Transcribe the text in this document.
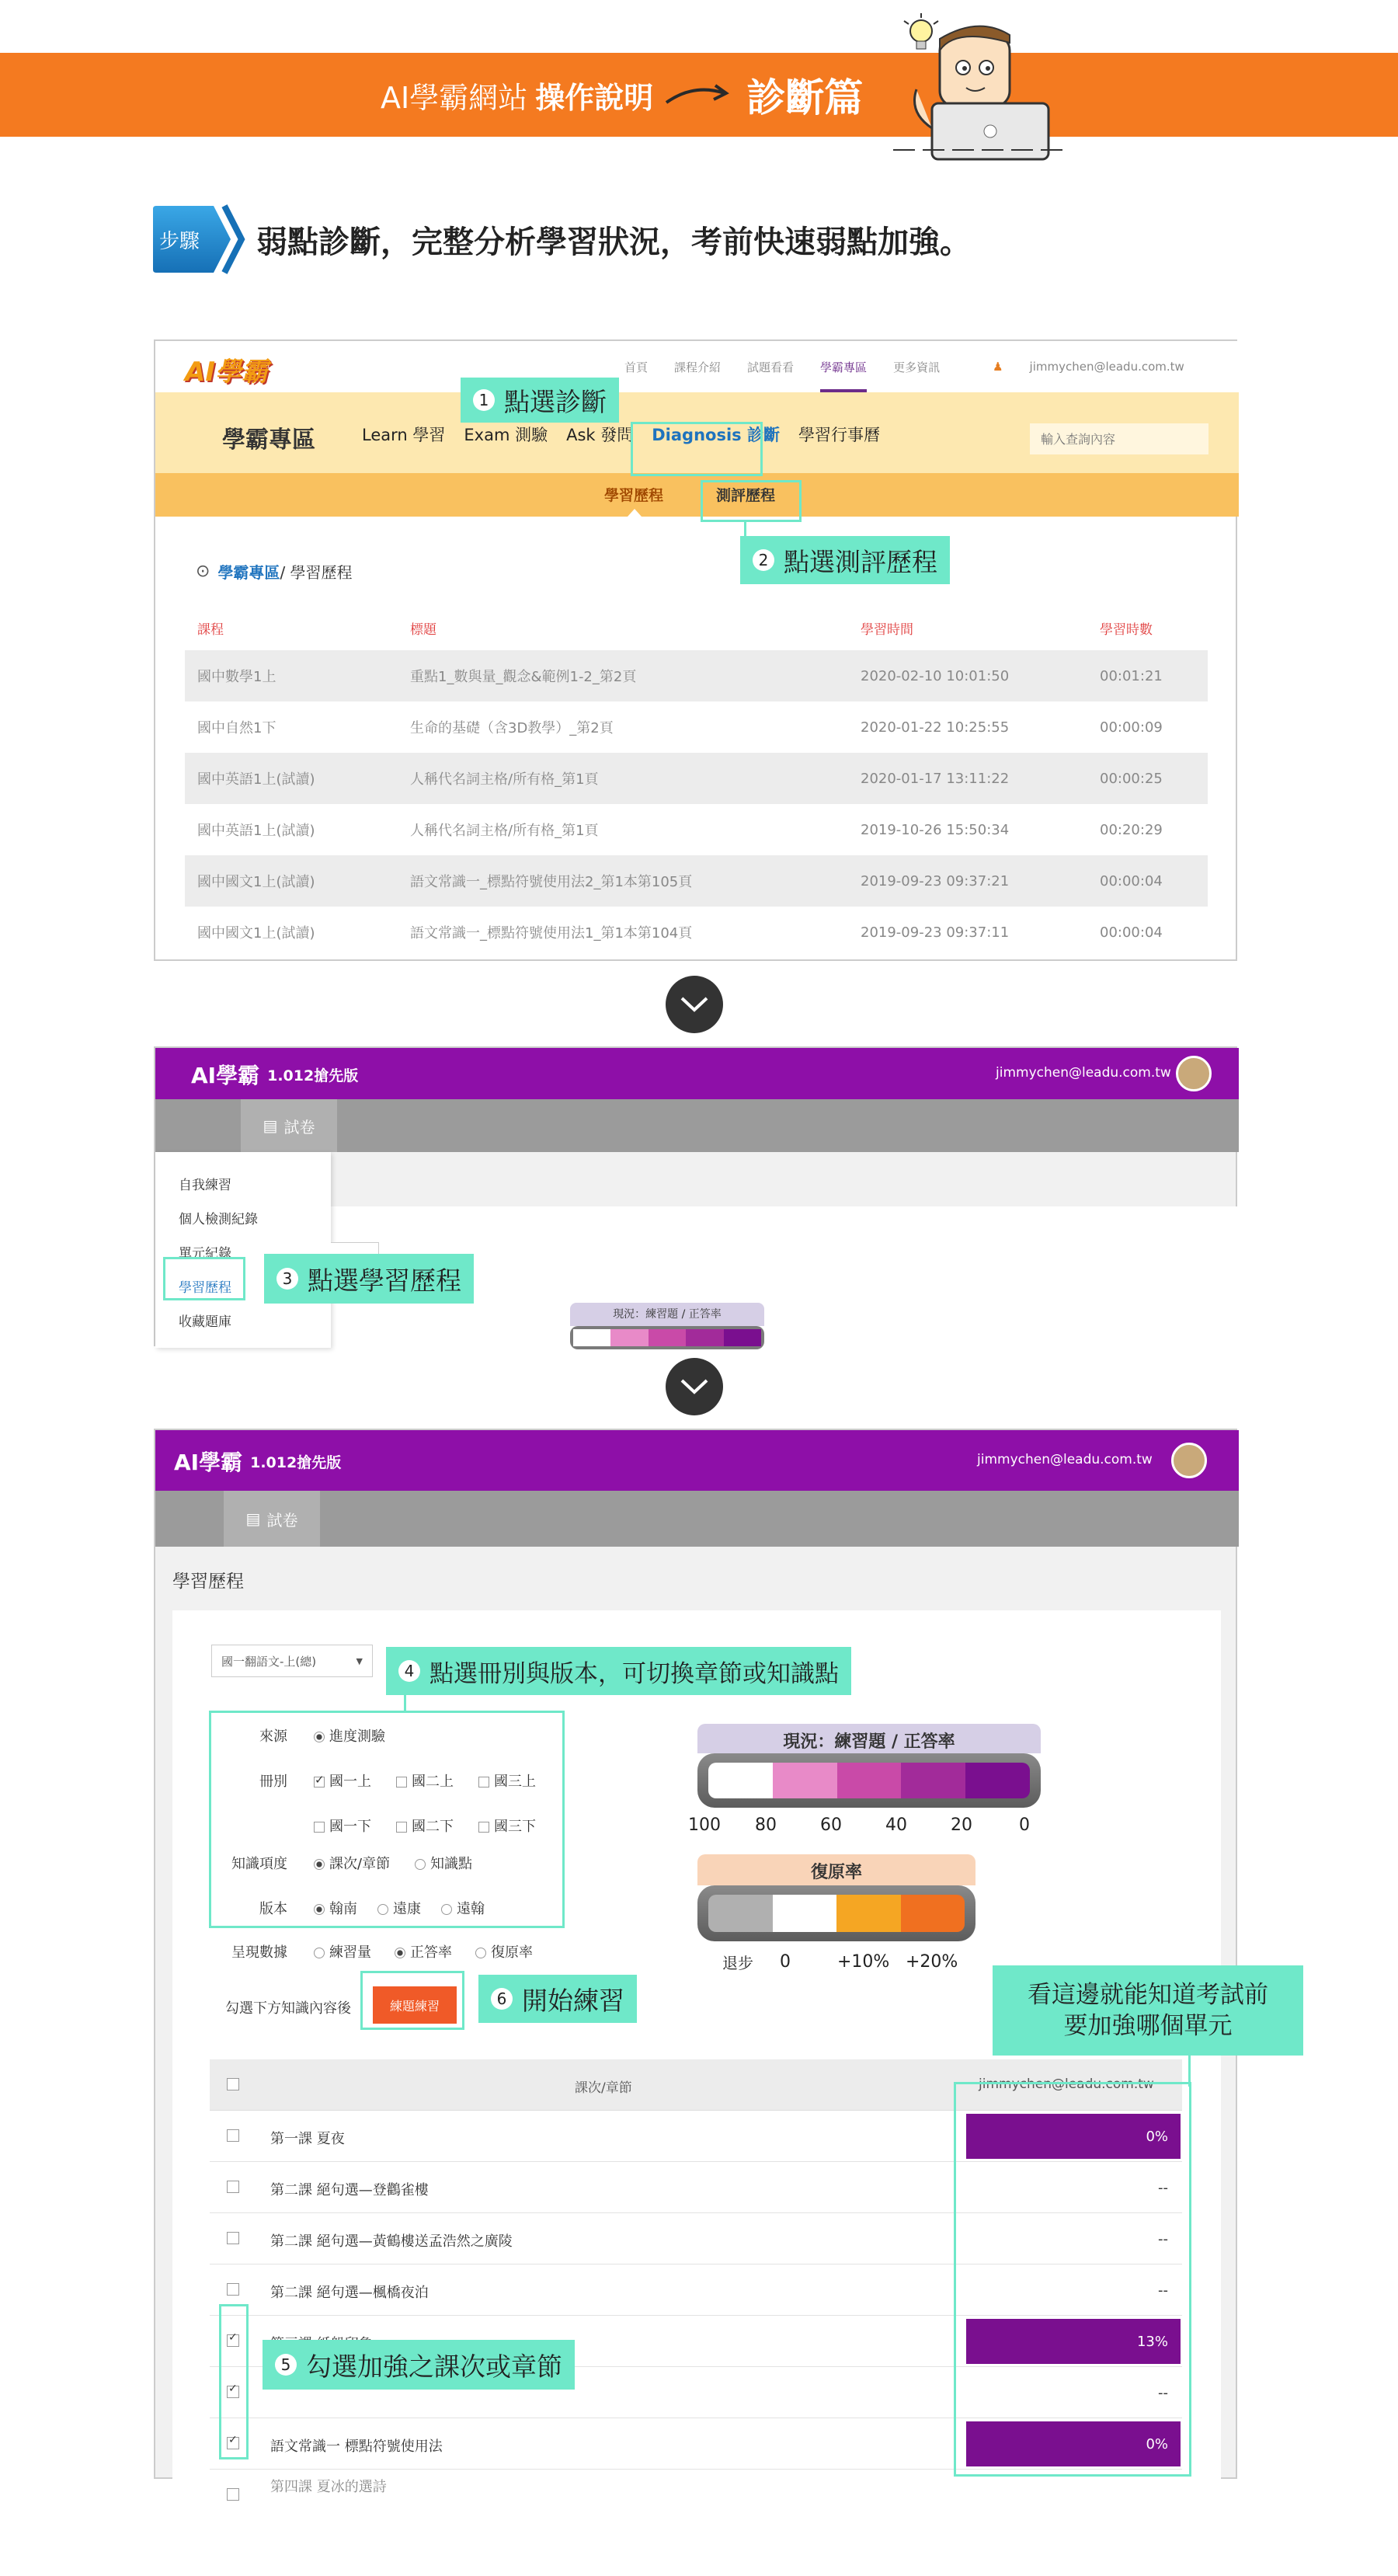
AI學霸網站 操作說明 診斷篇
步驟 弱點診斷，完整分析學習狀況，考前快速弱點加強。
AI學霸	首頁 課程介紹 試題看看 學霸專區 更多資訊	♟ jimmychen@leadu.com.tw
學霸專區	Learn 學習 Exam 測驗 Ask 發問 Diagnosis 診斷 學習行事曆
輸入查詢內容
學習歷程	測評歷程
⊙ 學霸專區 / 學習歷程
課程	標題	學習時間	學習時數
國中數學1上	重點1_數與量_觀念&範例1-2_第2頁	2020-02-10 10:01:50	00:01:21
國中自然1下	生命的基礎（含3D教學）_第2頁	2020-01-22 10:25:55	00:00:09
國中英語1上(試讀)	人稱代名詞主格/所有格_第1頁	2020-01-17 13:11:22	00:00:25
國中英語1上(試讀)	人稱代名詞主格/所有格_第1頁	2019-10-26 15:50:34	00:20:29
國中國文1上(試讀)	語文常識一_標點符號使用法2_第1本第105頁	2019-09-23 09:37:21	00:00:04
國中國文1上(試讀)	語文常識一_標點符號使用法1_第1本第104頁	2019-09-23 09:37:11	00:00:04
1 點選診斷
2 點選測評歷程
AI學霸 1.012搶先版	jimmychen@leadu.com.tw
▤ 試卷
自我練習
個人檢測紀錄
單元紀錄
學習歷程
收藏題庫	現況：練習題 / 正答率
3 點選學習歷程
AI學霸 1.012搶先版	jimmychen@leadu.com.tw
▤ 試卷
學習歷程
國一翻語文-上(總)	▼
來源	進度測驗
冊別
✓	國一上	國二上	國三上
國一下	國二下	國三下
知識項度	課次/章節	知識點
版本	翰南	遠康	遠翰
呈現數據	練習量	正答率	復原率
現況：練習題 / 正答率
100 80	60	40	20	0
復原率
退步 0	+10% +20%
勾選下方知識內容後	練題練習
課次/章節	jimmychen@leadu.com.tw
第一課 夏夜	0%
第二課 絕句選—登鸛雀樓	--
第二課 絕句選—黃鶴樓送孟浩然之廣陵	--
第二課 絕句選—楓橋夜泊	--
✓
13%
✓
--
✓
語文常識一 標點符號使用法	0%
第四課 夏冰的選詩
4 點選冊別與版本，可切換章節或知識點
6 開始練習	看這邊就能知道考試前
要加強哪個單元
5 勾選加強之課次或章節
